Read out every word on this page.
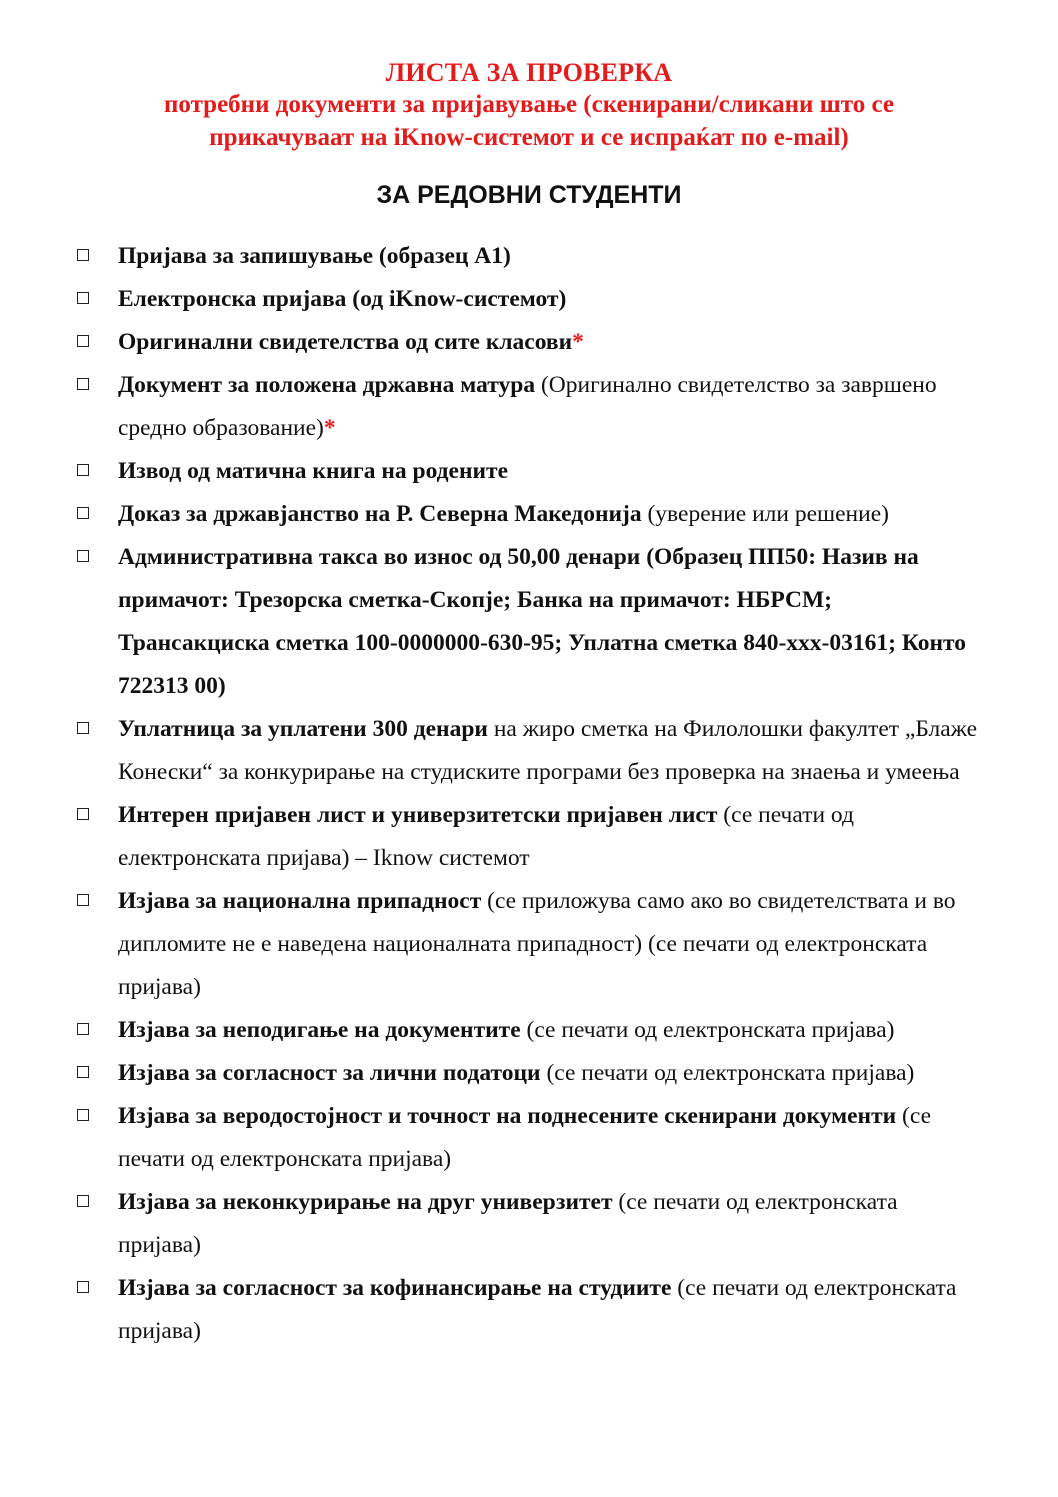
ЛИСТА ЗА ПРОВЕРКА
потребни документи за пријавување (скенирани/сликани што се
прикачуваат на iKnow-системот и се испраќат по e-mail)
ЗА РЕДОВНИ СТУДЕНТИ
Пријава за запишување (образец А1)
Електронска пријава (од iKnow-системот)
Оригинални свидетелства од сите класови*
Документ за положена државна матура (Оригинално свидетелство за завршено средно образование)*
Извод од матична книга на родените
Доказ за државјанство на Р. Северна Македонија (уверение или решение)
Административна такса во износ од 50,00 денари (Образец ПП50: Назив на примачот: Трезорска сметка-Скопје; Банка на примачот: НБРСМ; Трансакциска сметка 100-0000000-630-95; Уплатна сметка 840-xxx-03161; Конто 722313 00)
Уплатница за уплатени 300 денари на жиро сметка на Филолошки факултет „Блаже Конески“ за конкурирање на студиските програми без проверка на знаења и умеења
Интерен пријавен лист и универзитетски пријавен лист (се печати од електронската пријава) – Iknow системот
Изјава за национална припадност (се приложува само ако во свидетелствата и во дипломите не е наведена националната припадност) (се печати од електронската пријава)
Изјава за неподигање на документите (се печати од електронската пријава)
Изјава за согласност за лични податоци (се печати од електронската пријава)
Изјава за веродостојност и точност на поднесените скенирани документи (се печати од електронската пријава)
Изјава за неконкурирање на друг универзитет (се печати од електронската пријава)
Изјава за согласност за кофинансирање на студиите (се печати од електронската пријава)
